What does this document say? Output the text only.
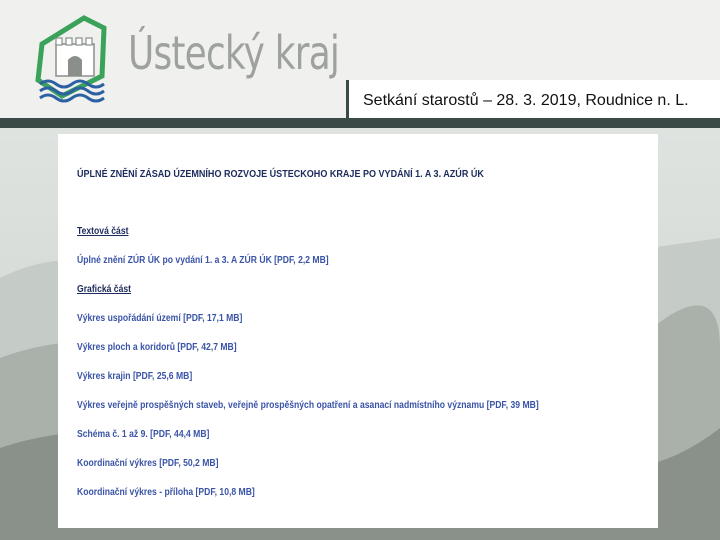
Ústecký kraj
Setkání starostů – 28. 3. 2019, Roudnice n. L.
ÚPLNÉ ZNĚNÍ ZÁSAD ÚZEMNÍHO ROZVOJE ÚSTECKOHO KRAJE PO VYDÁNÍ 1. A 3. AZÚR ÚK
Textová část
Úplné znění ZÚR ÚK po vydání 1. a 3. A ZÚR ÚK [PDF, 2,2 MB]
Grafická část
Výkres uspořádání území [PDF, 17,1 MB]
Výkres ploch a koridorů [PDF, 42,7 MB]
Výkres krajin [PDF, 25,6 MB]
Výkres veřejně prospěšných staveb, veřejně prospěšných opatření a asanací nadmístního významu [PDF, 39 MB]
Schéma č. 1 až 9. [PDF, 44,4 MB]
Koordinační výkres [PDF, 50,2 MB]
Koordinační výkres - příloha [PDF, 10,8 MB]
